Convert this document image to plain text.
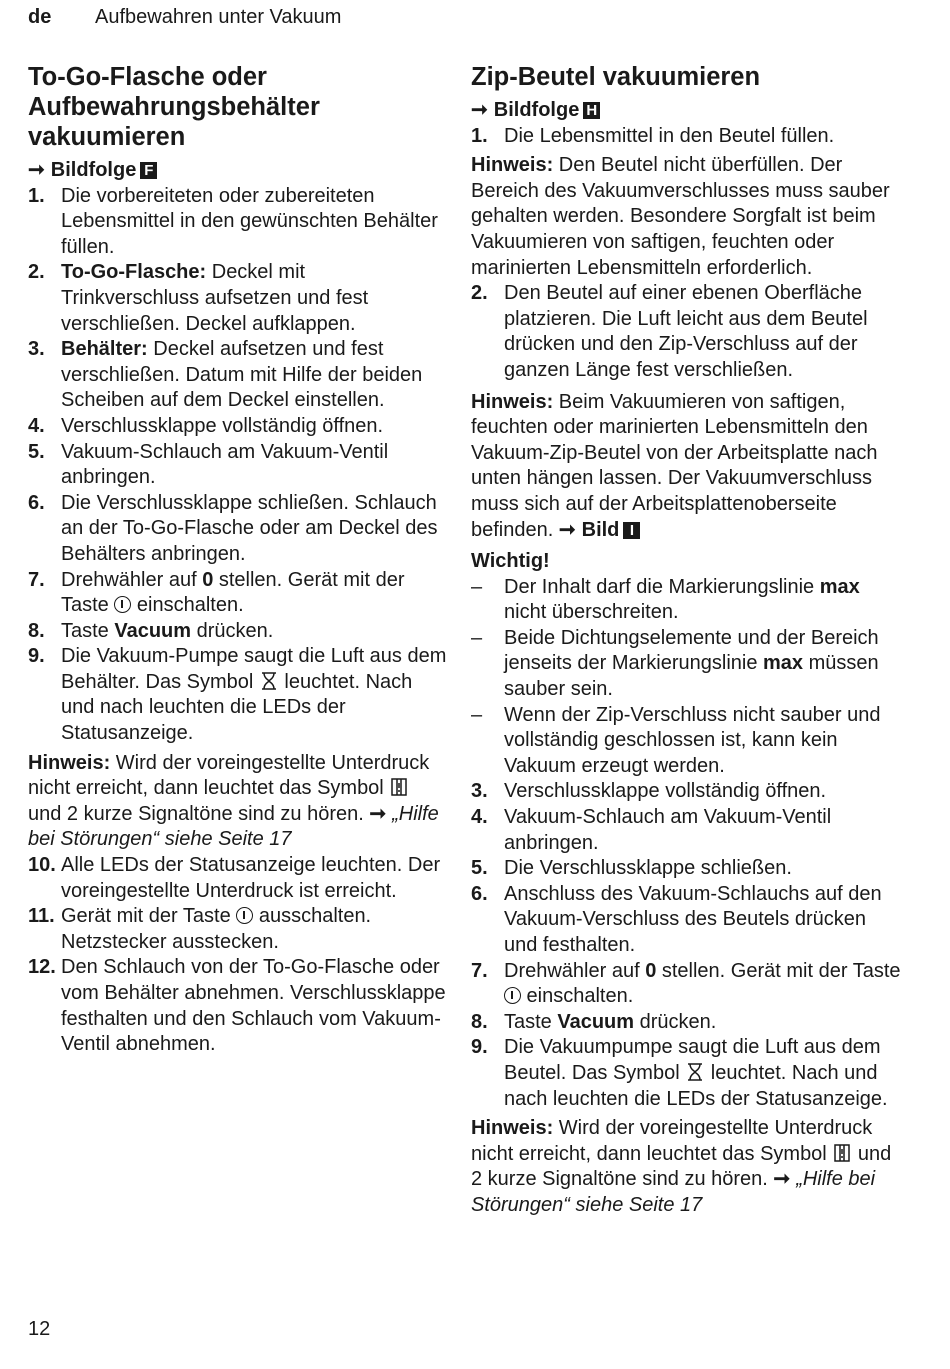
de Aufbewahren unter Vakuum
To-Go-Flasche oder Aufbewahrungsbehälter vakuumieren

➞ Bildfolge F

1. Die vorbereiteten oder zubereiteten Lebensmittel in den gewünschten Behälter füllen.
2. To-Go-Flasche: Deckel mit Trinkverschluss aufsetzen und fest verschließen. Deckel aufklappen.
3. Behälter: Deckel aufsetzen und fest verschließen. Datum mit Hilfe der beiden Scheiben auf dem Deckel einstellen.
4. Verschlussklappe vollständig öffnen.
5. Vakuum-Schlauch am Vakuum-Ventil anbringen.
6. Die Verschlussklappe schließen. Schlauch an der To-Go-Flasche oder am Deckel des Behälters anbringen.
7. Drehwähler auf 0 stellen. Gerät mit der Taste  einschalten.
8. Taste Vacuum drücken.
9. Die Vakuum-Pumpe saugt die Luft aus dem Behälter. Das Symbol  leuchtet. Nach und nach leuchten die LEDs der Statusanzeige.
Hinweis: Wird der voreingestellte Unterdruck nicht erreicht, dann leuchtet das Symbol  und 2 kurze Signaltöne sind zu hören. ➞ „Hilfe bei Störungen“ siehe Seite 17
10. Alle LEDs der Statusanzeige leuchten. Der voreingestellte Unterdruck ist erreicht.
11. Gerät mit der Taste  ausschalten. Netzstecker ausstecken.
12. Den Schlauch von der To-Go-Flasche oder vom Behälter abnehmen. Verschlussklappe festhalten und den Schlauch vom Vakuum-Ventil abnehmen.
Zip-Beutel vakuumieren

➞ Bildfolge H

1. Die Lebensmittel in den Beutel füllen.
Hinweis: Den Beutel nicht überfüllen. Der Bereich des Vakuumverschlusses muss sauber gehalten werden. Besondere Sorgfalt ist beim Vakuumieren von saftigen, feuchten oder marinierten Lebensmitteln erforderlich.
2. Den Beutel auf einer ebenen Oberfläche platzieren. Die Luft leicht aus dem Beutel drücken und den Zip-Verschluss auf der ganzen Länge fest verschließen.
Hinweis: Beim Vakuumieren von saftigen, feuchten oder marinierten Lebensmitteln den Vakuum-Zip-Beutel von der Arbeitsplatte nach unten hängen lassen. Der Vakuumverschluss muss sich auf der Arbeitsplattenoberseite befinden. ➞ Bild I
Wichtig!
– Der Inhalt darf die Markierungslinie max nicht überschreiten.
– Beide Dichtungselemente und der Bereich jenseits der Markierungslinie max müssen sauber sein.
– Wenn der Zip-Verschluss nicht sauber und vollständig geschlossen ist, kann kein Vakuum erzeugt werden.
3. Verschlussklappe vollständig öffnen.
4. Vakuum-Schlauch am Vakuum-Ventil anbringen.
5. Die Verschlussklappe schließen.
6. Anschluss des Vakuum-Schlauchs auf den Vakuum-Verschluss des Beutels drücken und festhalten.
7. Drehwähler auf 0 stellen. Gerät mit der Taste  einschalten.
8. Taste Vacuum drücken.
9. Die Vakuumpumpe saugt die Luft aus dem Beutel. Das Symbol  leuchtet. Nach und nach leuchten die LEDs der Statusanzeige.
Hinweis: Wird der voreingestellte Unterdruck nicht erreicht, dann leuchtet das Symbol  und 2 kurze Signaltöne sind zu hören. ➞ „Hilfe bei Störungen“ siehe Seite 17
12
